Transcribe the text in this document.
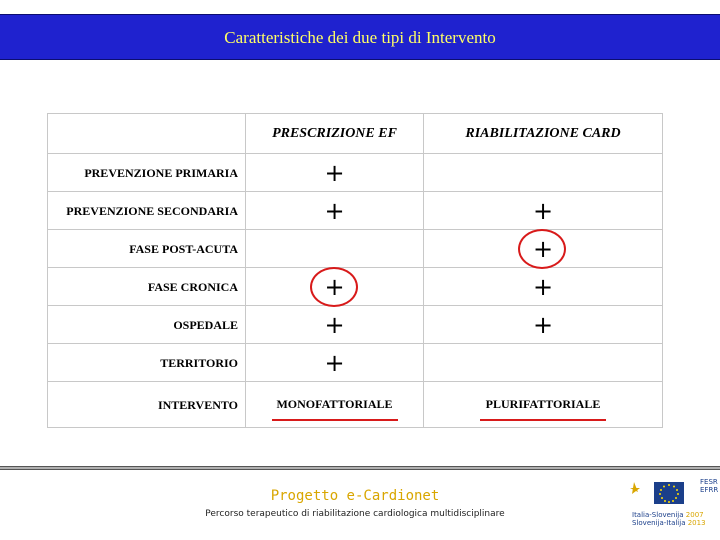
Caratteristiche dei due tipi di Intervento
	PRESCRIZIONE EF	RIABILITAZIONE CARD
PREVENZIONE PRIMARIA	+	
PREVENZIONE SECONDARIA	+	+
FASE POST-ACUTA		+

FASE CRONICA	+	+
OSPEDALE	+	+
TERRITORIO	+	
INTERVENTO	MONOFATTORIALE	PLURIFATTORIALE
Progetto e-Cardionet
Percorso terapeutico di riabilitazione cardiologica multidisciplinare
FESR EFRR
Italia-Slovenija 2007
Slovenija-Italija 2013
